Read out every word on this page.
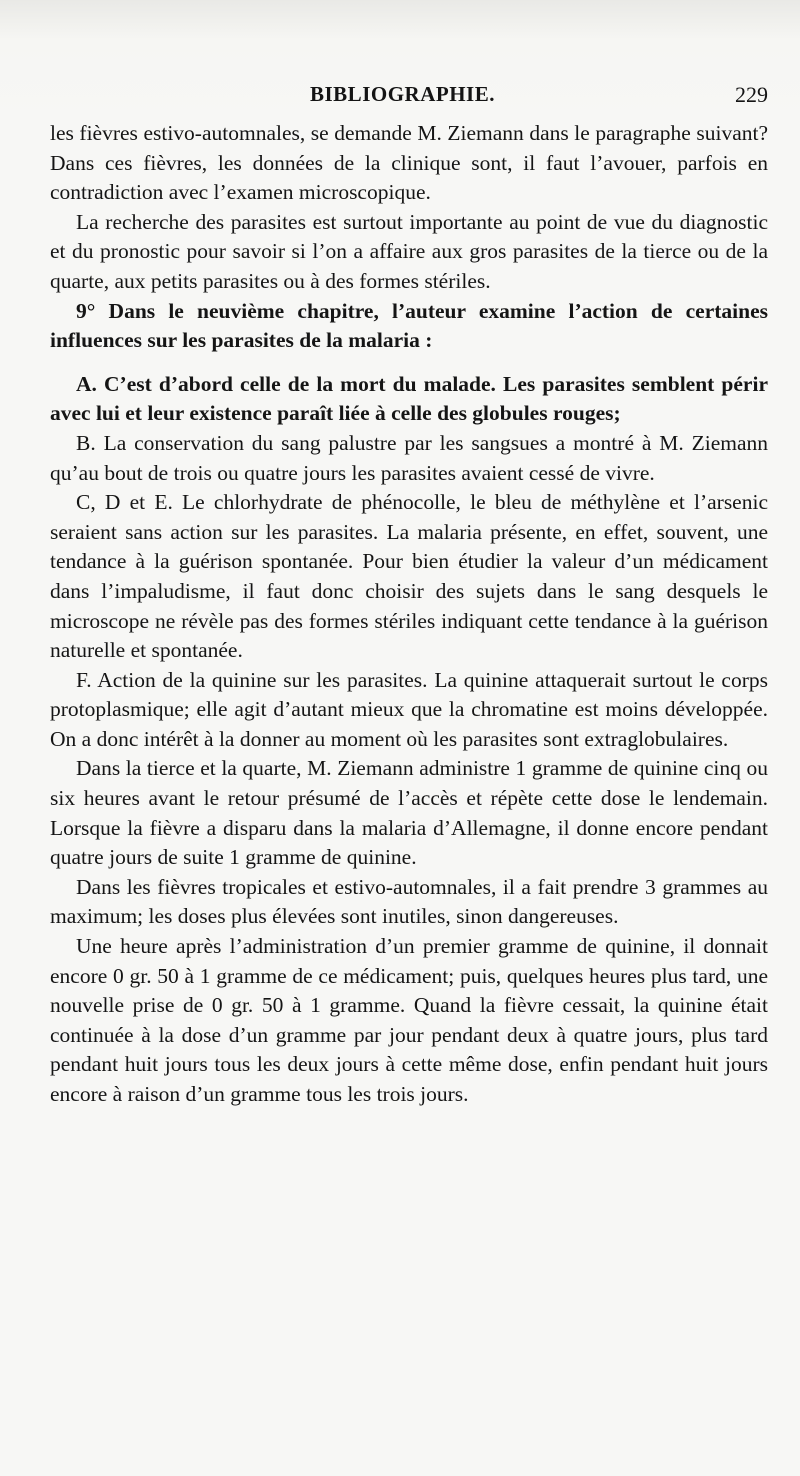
BIBLIOGRAPHIE.	229

les fièvres estivo-automnales, se demande M. Ziemann dans le paragraphe suivant? Dans ces fièvres, les données de la clinique sont, il faut l’avouer, parfois en contradiction avec l’examen microscopique.

La recherche des parasites est surtout importante au point de vue du diagnostic et du pronostic pour savoir si l’on a affaire aux gros parasites de la tierce ou de la quarte, aux petits parasites ou à des formes stériles.

9° Dans le neuvième chapitre, l’auteur examine l’action de certaines influences sur les parasites de la malaria :

A. C’est d’abord celle de la mort du malade. Les parasites semblent périr avec lui et leur existence paraît liée à celle des globules rouges;

B. La conservation du sang palustre par les sangsues a montré à M. Ziemann qu’au bout de trois ou quatre jours les parasites avaient cessé de vivre.

C, D et E. Le chlorhydrate de phénocolle, le bleu de méthylène et l’arsenic seraient sans action sur les parasites. La malaria présente, en effet, souvent, une tendance à la guérison spontanée. Pour bien étudier la valeur d’un médicament dans l’impaludisme, il faut donc choisir des sujets dans le sang desquels le microscope ne révèle pas des formes stériles indiquant cette tendance à la guérison naturelle et spontanée.

F. Action de la quinine sur les parasites. La quinine attaquerait surtout le corps protoplasmique; elle agit d’autant mieux que la chromatine est moins développée. On a donc intérêt à la donner au moment où les parasites sont extraglobulaires.

Dans la tierce et la quarte, M. Ziemann administre 1 gramme de quinine cinq ou six heures avant le retour présumé de l’accès et répète cette dose le lendemain. Lorsque la fièvre a disparu dans la malaria d’Allemagne, il donne encore pendant quatre jours de suite 1 gramme de quinine.

Dans les fièvres tropicales et estivo-automnales, il a fait prendre 3 grammes au maximum; les doses plus élevées sont inutiles, sinon dangereuses.

Une heure après l’administration d’un premier gramme de quinine, il donnait encore 0 gr. 50 à 1 gramme de ce médicament; puis, quelques heures plus tard, une nouvelle prise de 0 gr. 50 à 1 gramme. Quand la fièvre cessait, la quinine était continuée à la dose d’un gramme par jour pendant deux à quatre jours, plus tard pendant huit jours tous les deux jours à cette même dose, enfin pendant huit jours encore à raison d’un gramme tous les trois jours.
